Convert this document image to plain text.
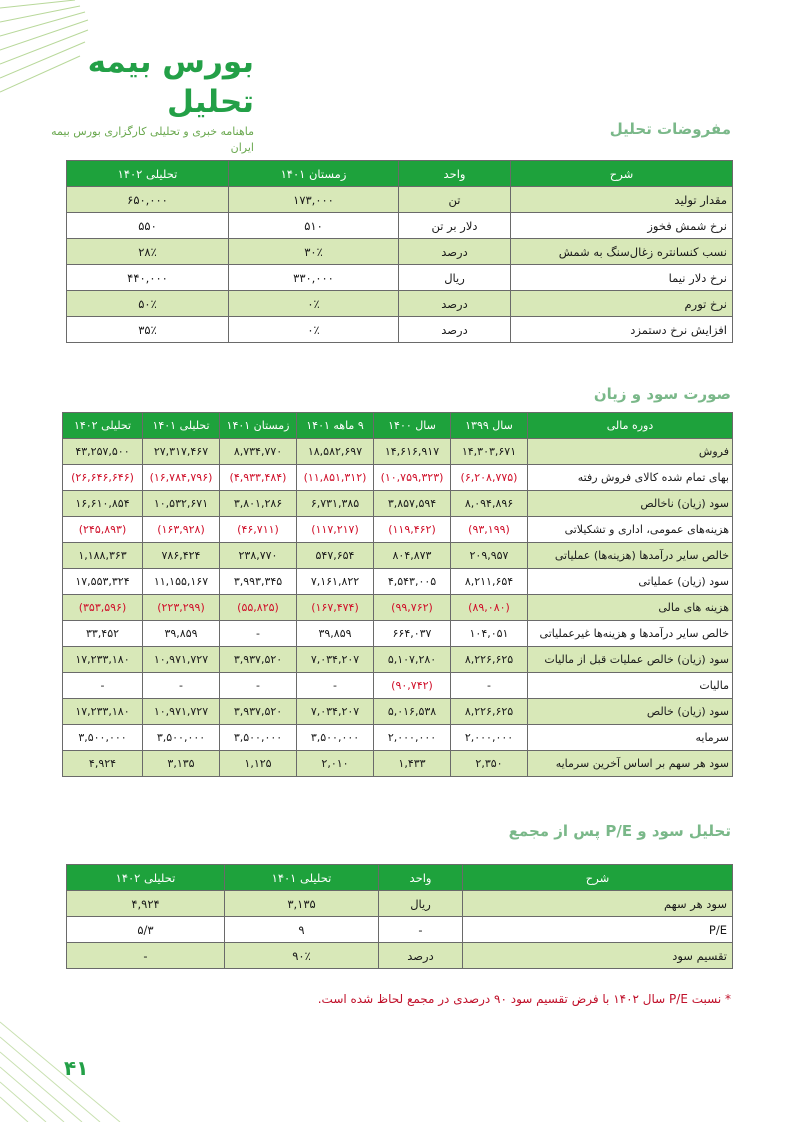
بورس بیمه تحلیل
ماهنامه خبری و تحلیلی کارگزاری بورس بیمه ایران
مفروضات تحلیل
شرح	واحد	زمستان ۱۴۰۱	تحلیلی ۱۴۰۲
مقدار تولید	تن	۱۷۳,۰۰۰	۶۵۰,۰۰۰
نرخ شمش فخوز	دلار بر تن	۵۱۰	۵۵۰
نسب کنسانتره زغال‌سنگ به شمش	درصد	۳۰٪	۲۸٪
نرخ دلار نیما	ریال	۳۳۰,۰۰۰	۴۴۰,۰۰۰
نرخ تورم	درصد	۰٪	۵۰٪
افزایش نرخ دستمزد	درصد	۰٪	۳۵٪
صورت سود و زیان
دوره مالی	سال ۱۳۹۹	سال ۱۴۰۰	۹ ماهه ۱۴۰۱	زمستان ۱۴۰۱	تحلیلی ۱۴۰۱	تحلیلی ۱۴۰۲
فروش	۱۴,۳۰۳,۶۷۱	۱۴,۶۱۶,۹۱۷	۱۸,۵۸۲,۶۹۷	۸,۷۳۴,۷۷۰	۲۷,۳۱۷,۴۶۷	۴۳,۲۵۷,۵۰۰
بهای تمام شده کالای فروش رفته	(۶,۲۰۸,۷۷۵)	(۱۰,۷۵۹,۳۲۳)	(۱۱,۸۵۱,۳۱۲)	(۴,۹۳۳,۴۸۴)	(۱۶,۷۸۴,۷۹۶)	(۲۶,۶۴۶,۶۴۶)
سود (زیان) ناخالص	۸,۰۹۴,۸۹۶	۳,۸۵۷,۵۹۴	۶,۷۳۱,۳۸۵	۳,۸۰۱,۲۸۶	۱۰,۵۳۲,۶۷۱	۱۶,۶۱۰,۸۵۴
هزینه‌های عمومی، اداری و تشکیلاتی	(۹۳,۱۹۹)	(۱۱۹,۴۶۲)	(۱۱۷,۲۱۷)	(۴۶,۷۱۱)	(۱۶۳,۹۲۸)	(۲۴۵,۸۹۳)
خالص سایر درآمدها (هزینه‌ها) عملیاتی	۲۰۹,۹۵۷	۸۰۴,۸۷۳	۵۴۷,۶۵۴	۲۳۸,۷۷۰	۷۸۶,۴۲۴	۱,۱۸۸,۳۶۳
سود (زیان) عملیاتی	۸,۲۱۱,۶۵۴	۴,۵۴۳,۰۰۵	۷,۱۶۱,۸۲۲	۳,۹۹۳,۳۴۵	۱۱,۱۵۵,۱۶۷	۱۷,۵۵۳,۳۲۴
هزینه های مالی	(۸۹,۰۸۰)	(۹۹,۷۶۲)	(۱۶۷,۴۷۴)	(۵۵,۸۲۵)	(۲۲۳,۲۹۹)	(۳۵۳,۵۹۶)
خالص سایر درآمدها و هزینه‌ها غیرعملیاتی	۱۰۴,۰۵۱	۶۶۴,۰۳۷	۳۹,۸۵۹	-	۳۹,۸۵۹	۳۳,۴۵۲
سود (زیان) خالص عملیات قبل از مالیات	۸,۲۲۶,۶۲۵	۵,۱۰۷,۲۸۰	۷,۰۳۴,۲۰۷	۳,۹۳۷,۵۲۰	۱۰,۹۷۱,۷۲۷	۱۷,۲۳۳,۱۸۰
مالیات	-	(۹۰,۷۴۲)	-	-	-	-
سود (زیان) خالص	۸,۲۲۶,۶۲۵	۵,۰۱۶,۵۳۸	۷,۰۳۴,۲۰۷	۳,۹۳۷,۵۲۰	۱۰,۹۷۱,۷۲۷	۱۷,۲۳۳,۱۸۰
سرمایه	۲,۰۰۰,۰۰۰	۲,۰۰۰,۰۰۰	۳,۵۰۰,۰۰۰	۳,۵۰۰,۰۰۰	۳,۵۰۰,۰۰۰	۳,۵۰۰,۰۰۰
سود هر سهم بر اساس آخرین سرمایه	۲,۳۵۰	۱,۴۳۳	۲,۰۱۰	۱,۱۲۵	۳,۱۳۵	۴,۹۲۴
تحلیل سود و P/E پس از مجمع
شرح	واحد	تحلیلی ۱۴۰۱	تحلیلی ۱۴۰۲
سود هر سهم	ریال	۳,۱۳۵	۴,۹۲۴
P/E	-	۹	۵/۳
تقسیم سود	درصد	۹۰٪	-
* نسبت P/E سال ۱۴۰۲ با فرض تقسیم سود ۹۰ درصدی در مجمع لحاظ شده است.
۴۱
